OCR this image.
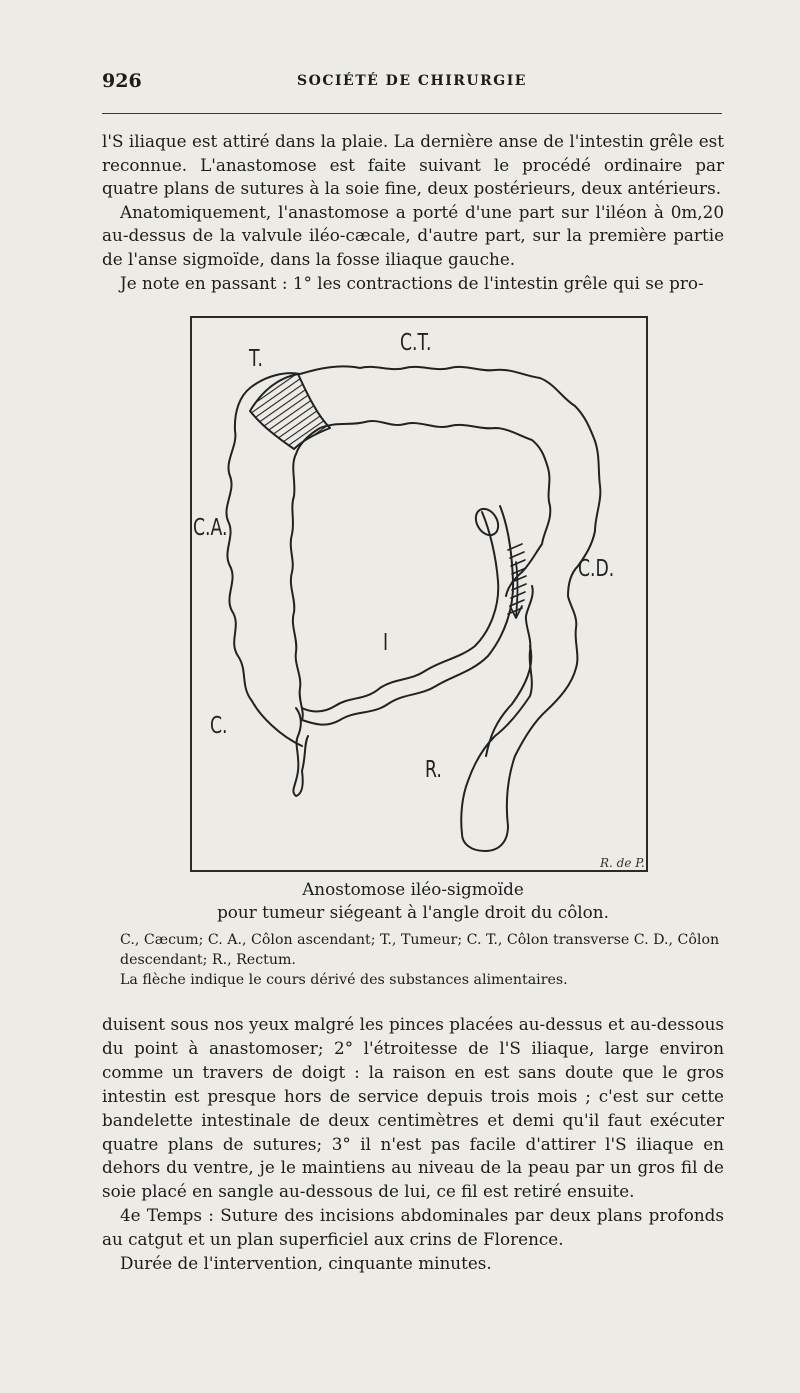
926	SOCIÉTÉ DE CHIRURGIE

l'S iliaque est attiré dans la plaie. La dernière anse de l'intestin grêle est reconnue. L'anastomose est faite suivant le procédé ordinaire par quatre plans de sutures à la soie fine, deux postérieurs, deux antérieurs.

Anatomiquement, l'anastomose a porté d'une part sur l'iléon à 0m,20 au-dessus de la valvule iléo-cæcale, d'autre part, sur la première partie de l'anse sigmoïde, dans la fosse iliaque gauche.

Je note en passant : 1° les contractions de l'intestin grêle qui se pro-

C.T.
T.
C.A.
C.D.
I
C.
R.
R. de P.
Anostomose iléo-sigmoïde
pour tumeur siégeant à l'angle droit du côlon.

C., Cæcum; C. A., Côlon ascendant; T., Tumeur; C. T., Côlon transverse C. D., Côlon descendant; R., Rectum.

La flèche indique le cours dérivé des substances alimentaires.

duisent sous nos yeux malgré les pinces placées au-dessus et au-dessous du point à anastomoser; 2° l'étroitesse de l'S iliaque, large environ comme un travers de doigt : la raison en est sans doute que le gros intestin est presque hors de service depuis trois mois ; c'est sur cette bandelette intestinale de deux centimètres et demi qu'il faut exécuter quatre plans de sutures; 3° il n'est pas facile d'attirer l'S iliaque en dehors du ventre, je le maintiens au niveau de la peau par un gros fil de soie placé en sangle au-dessous de lui, ce fil est retiré ensuite.

4e Temps : Suture des incisions abdominales par deux plans profonds au catgut et un plan superficiel aux crins de Florence.

Durée de l'intervention, cinquante minutes.
